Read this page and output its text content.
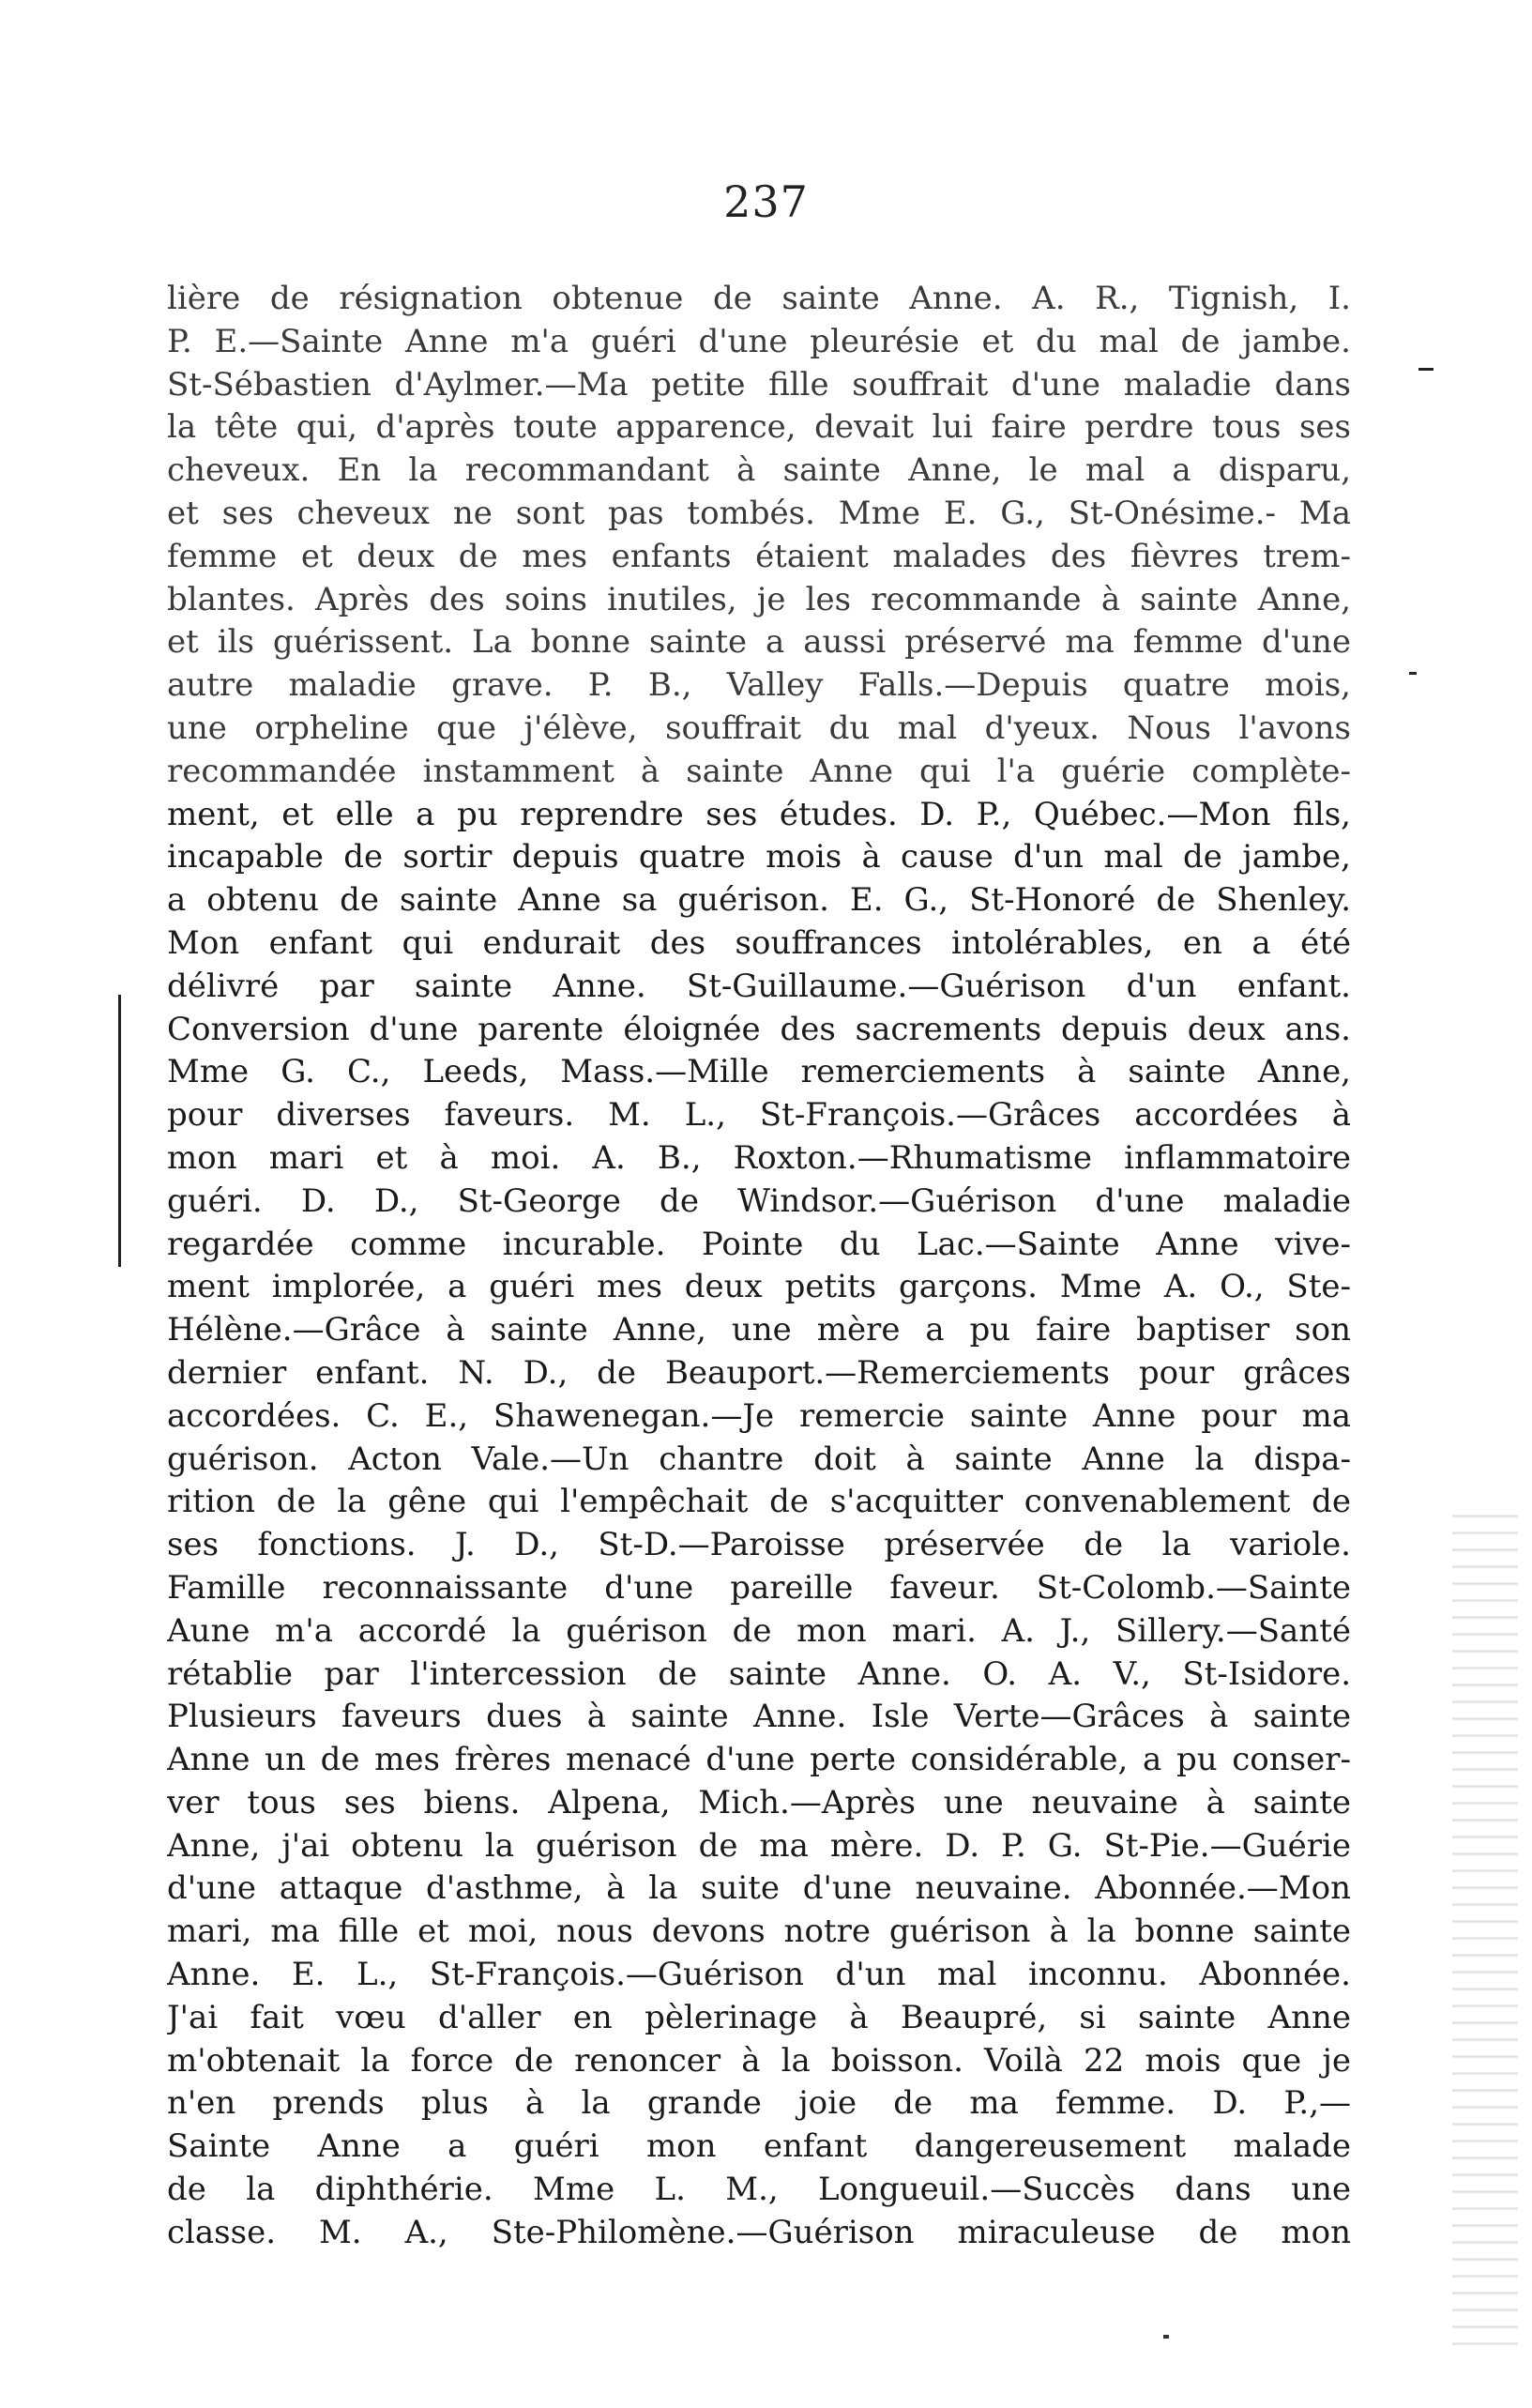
237
lière de résignation obtenue de sainte Anne. A. R., Tignish, I.
P. E.—Sainte Anne m'a guéri d'une pleurésie et du mal de jambe.
St-Sébastien d'Aylmer.—Ma petite fille souffrait d'une maladie dans
la tête qui, d'après toute apparence, devait lui faire perdre tous ses
cheveux. En la recommandant à sainte Anne, le mal a disparu,
et ses cheveux ne sont pas tombés. Mme E. G., St-Onésime.- Ma
femme et deux de mes enfants étaient malades des fièvres trem-
blantes. Après des soins inutiles, je les recommande à sainte Anne,
et ils guérissent. La bonne sainte a aussi préservé ma femme d'une
autre maladie grave. P. B., Valley Falls.—Depuis quatre mois,
une orpheline que j'élève, souffrait du mal d'yeux. Nous l'avons
recommandée instamment à sainte Anne qui l'a guérie complète-
ment, et elle a pu reprendre ses études. D. P., Québec.—Mon fils,
incapable de sortir depuis quatre mois à cause d'un mal de jambe,
a obtenu de sainte Anne sa guérison. E. G., St-Honoré de Shenley.
Mon enfant qui endurait des souffrances intolérables, en a été
délivré par sainte Anne. St-Guillaume.—Guérison d'un enfant.
Conversion d'une parente éloignée des sacrements depuis deux ans.
Mme G. C., Leeds, Mass.—Mille remerciements à sainte Anne,
pour diverses faveurs. M. L., St-François.—Grâces accordées à
mon mari et à moi. A. B., Roxton.—Rhumatisme inflammatoire
guéri. D. D., St-George de Windsor.—Guérison d'une maladie
regardée comme incurable. Pointe du Lac.—Sainte Anne vive-
ment implorée, a guéri mes deux petits garçons. Mme A. O., Ste-
Hélène.—Grâce à sainte Anne, une mère a pu faire baptiser son
dernier enfant. N. D., de Beauport.—Remerciements pour grâces
accordées. C. E., Shawenegan.—Je remercie sainte Anne pour ma
guérison. Acton Vale.—Un chantre doit à sainte Anne la dispa-
rition de la gêne qui l'empêchait de s'acquitter convenablement de
ses fonctions. J. D., St-D.—Paroisse préservée de la variole.
Famille reconnaissante d'une pareille faveur. St-Colomb.—Sainte
Aune m'a accordé la guérison de mon mari. A. J., Sillery.—Santé
rétablie par l'intercession de sainte Anne. O. A. V., St-Isidore.
Plusieurs faveurs dues à sainte Anne. Isle Verte—Grâces à sainte
Anne un de mes frères menacé d'une perte considérable, a pu conser-
ver tous ses biens. Alpena, Mich.—Après une neuvaine à sainte
Anne, j'ai obtenu la guérison de ma mère. D. P. G. St-Pie.—Guérie
d'une attaque d'asthme, à la suite d'une neuvaine. Abonnée.—Mon
mari, ma fille et moi, nous devons notre guérison à la bonne sainte
Anne. E. L., St-François.—Guérison d'un mal inconnu. Abonnée.
J'ai fait vœu d'aller en pèlerinage à Beaupré, si sainte Anne
m'obtenait la force de renoncer à la boisson. Voilà 22 mois que je
n'en prends plus à la grande joie de ma femme. D. P.,—
Sainte Anne a guéri mon enfant dangereusement malade
de la diphthérie. Mme L. M., Longueuil.—Succès dans une
classe. M. A., Ste-Philomène.—Guérison miraculeuse de mon
